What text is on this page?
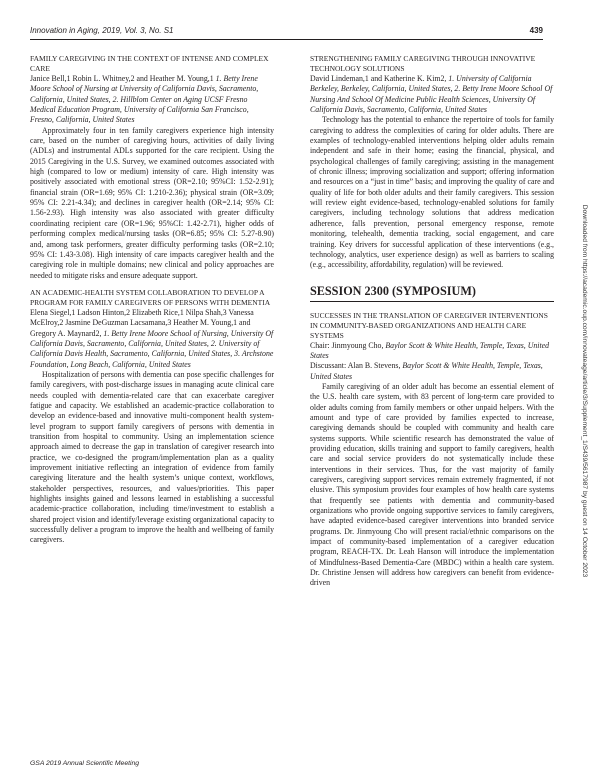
Innovation in Aging, 2019, Vol. 3, No. S1	439

FAMILY CAREGIVING IN THE CONTEXT OF INTENSE AND COMPLEX CARE

Janice Bell,1 Robin L. Whitney,2 and Heather M. Young,1 1. Betty Irene Moore School of Nursing at University of California Davis, Sacramento, California, United States, 2. Hillblom Center on Aging UCSF Fresno Medical Education Program, University of California San Francisco, Fresno, California, United States

Approximately four in ten family caregivers experience high intensity care, based on the number of caregiving hours, activities of daily living (ADLs) and instrumental ADLs supported for the care recipient. Using the 2015 Caregiving in the U.S. Survey, we examined outcomes associated with high (compared to low or medium) intensity of care. High intensity was positively associated with emotional stress (OR=2.10; 95%CI: 1.52-2.91); financial strain (OR=1.69; 95% CI: 1.210-2.36); physical strain (OR=3.09; 95% CI: 2.21-4.34); and declines in caregiver health (OR=2.14; 95% CI: 1.56-2.93). High intensity was also associated with greater difficulty coordinating recipient care (OR=1.96; 95%CI: 1.42-2.71), higher odds of performing complex medical/nursing tasks (OR=6.85; 95% CI: 5.27-8.90) and, among task performers, greater difficulty performing tasks (OR=2.10; 95% CI: 1.43-3.08). High intensity of care impacts caregiver health and the caregiving role in multiple domains; new clinical and policy approaches are needed to mitigate risks and ensure adequate support.

AN ACADEMIC-HEALTH SYSTEM COLLABORATION TO DEVELOP A PROGRAM FOR FAMILY CAREGIVERS OF PERSONS WITH DEMENTIA

Elena Siegel,1 Ladson Hinton,2 Elizabeth Rice,1 Nilpa Shah,3 Vanessa McElroy,2 Jasmine DeGuzman Lacsamana,3 Heather M. Young,1 and Gregory A. Maynard2, 1. Betty Irene Moore School of Nursing, University Of California Davis, Sacramento, California, United States, 2. University of California Davis Health, Sacramento, California, United States, 3. Archstone Foundation, Long Beach, California, United States

Hospitalization of persons with dementia can pose specific challenges for family caregivers, with post-discharge issues in managing acute clinical care needs coupled with dementia-related care that can exacerbate caregiver fatigue and capacity. We established an academic-practice collaboration to develop an evidence-based and innovative multi-component health system-level program to support family caregivers of persons with dementia in transition from hospital to community. Using an implementation science approach aimed to decrease the gap in translation of caregiver research into practice, we co-designed the program/implementation plan as a quality improvement initiative reflecting an integration of evidence from family caregiving literature and the health system’s unique context, workflows, stakeholder perspectives, resources, and values/priorities. This paper highlights insights gained and lessons learned in establishing a successful academic-practice collaboration, including time/investment to establish a shared project vision and identify/leverage existing organizational capacity to successfully deliver a program to improve the health and wellbeing of family caregivers.

STRENGTHENING FAMILY CAREGIVING THROUGH INNOVATIVE TECHNOLOGY SOLUTIONS

David Lindeman,1 and Katherine K. Kim2, 1. University of California Berkeley, Berkeley, California, United States, 2. Betty Irene Moore School Of Nursing And School Of Medicine Public Health Sciences, University Of California Davis, Sacramento, California, United States

Technology has the potential to enhance the repertoire of tools for family caregiving to address the complexities of caring for older adults. There are examples of technology-enabled interventions helping older adults remain independent and safe in their home; easing the financial, physical, and psychological challenges of family caregiving; assisting in the management of chronic illness; improving socialization and support; offering information and resources on a “just in time” basis; and improving the quality of care and quality of life for both older adults and their family caregivers. This session will review eight evidence-based, technology-enabled solutions for family caregivers, including technology solutions that address medication adherence, falls prevention, personal emergency response, remote monitoring, telehealth, dementia tracking, social engagement, and care training. Key drivers for successful application of these interventions (e.g., technology, analytics, user experience design) as well as barriers to scaling (e.g., accessibility, affordability, regulation) will be reviewed.

SESSION 2300 (SYMPOSIUM)

SUCCESSES IN THE TRANSLATION OF CAREGIVER INTERVENTIONS IN COMMUNITY-BASED ORGANIZATIONS AND HEALTH CARE SYSTEMS

Chair: Jinmyoung Cho, Baylor Scott & White Health, Temple, Texas, United States

Discussant: Alan B. Stevens, Baylor Scott & White Health, Temple, Texas, United States

Family caregiving of an older adult has become an essential element of the U.S. health care system, with 83 percent of long-term care provided to older adults coming from family members or other unpaid helpers. With the amount and type of care provided by families expected to increase, caregiving demands should be coupled with community and health care systems supports. While scientific research has demonstrated the value of providing education, skills training and support to family caregivers, health care and social service providers do not systematically include these interventions in their services. Thus, for the vast majority of family caregivers, caregiving support services remain extremely fragmented, if not elusive. This symposium provides four examples of how health care systems that frequently see patients with dementia and community-based organizations who provide ongoing supportive services to family caregivers, have adapted evidence-based caregiver interventions into branded service programs. Dr. Jinmyoung Cho will present racial/ethnic comparisons on the impact of community-based implementation of a caregiver education program, REACH-TX. Dr. Leah Hanson will introduce the implementation of Mindfulness-Based Dementia-Care (MBDC) within a health care system. Dr. Christine Jensen will address how caregivers can benefit from evidence-driven

GSA 2019 Annual Scientific Meeting
Downloaded from https://academic.oup.com/innovateage/article/3/Supplement_1/S439/5617987 by guest on 14 October 2023
